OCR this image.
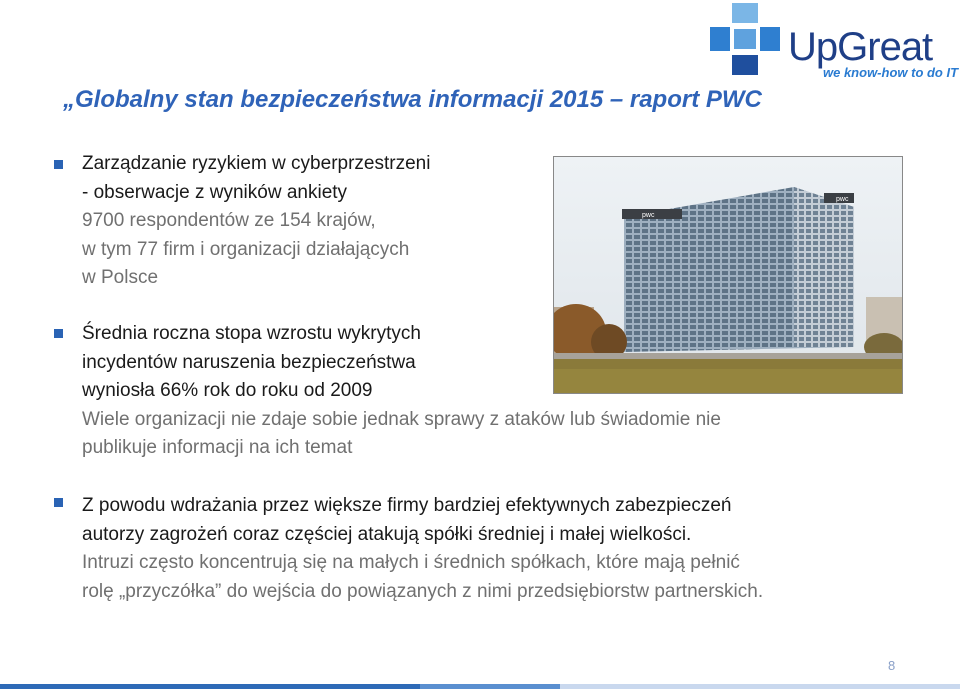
UpGreat
we know-how to do IT
„Globalny stan bezpieczeństwa informacji 2015 – raport PWC
pwc
pwc
Zarządzanie ryzykiem w cyberprzestrzeni
- obserwacje z wyników ankiety
9700 respondentów ze 154 krajów,
w tym 77 firm i organizacji działających
w Polsce
Średnia roczna stopa wzrostu wykrytych
incydentów naruszenia bezpieczeństwa
wyniosła 66% rok do roku od 2009
Wiele organizacji nie zdaje sobie jednak sprawy z ataków lub świadomie nie
publikuje informacji na ich temat
Z powodu wdrażania przez większe firmy bardziej efektywnych zabezpieczeń
autorzy zagrożeń coraz częściej atakują spółki średniej i małej wielkości.
Intruzi często koncentrują się na małych i średnich spółkach, które mają pełnić
rolę „przyczółka” do wejścia do powiązanych z nimi przedsiębiorstw partnerskich.
8
